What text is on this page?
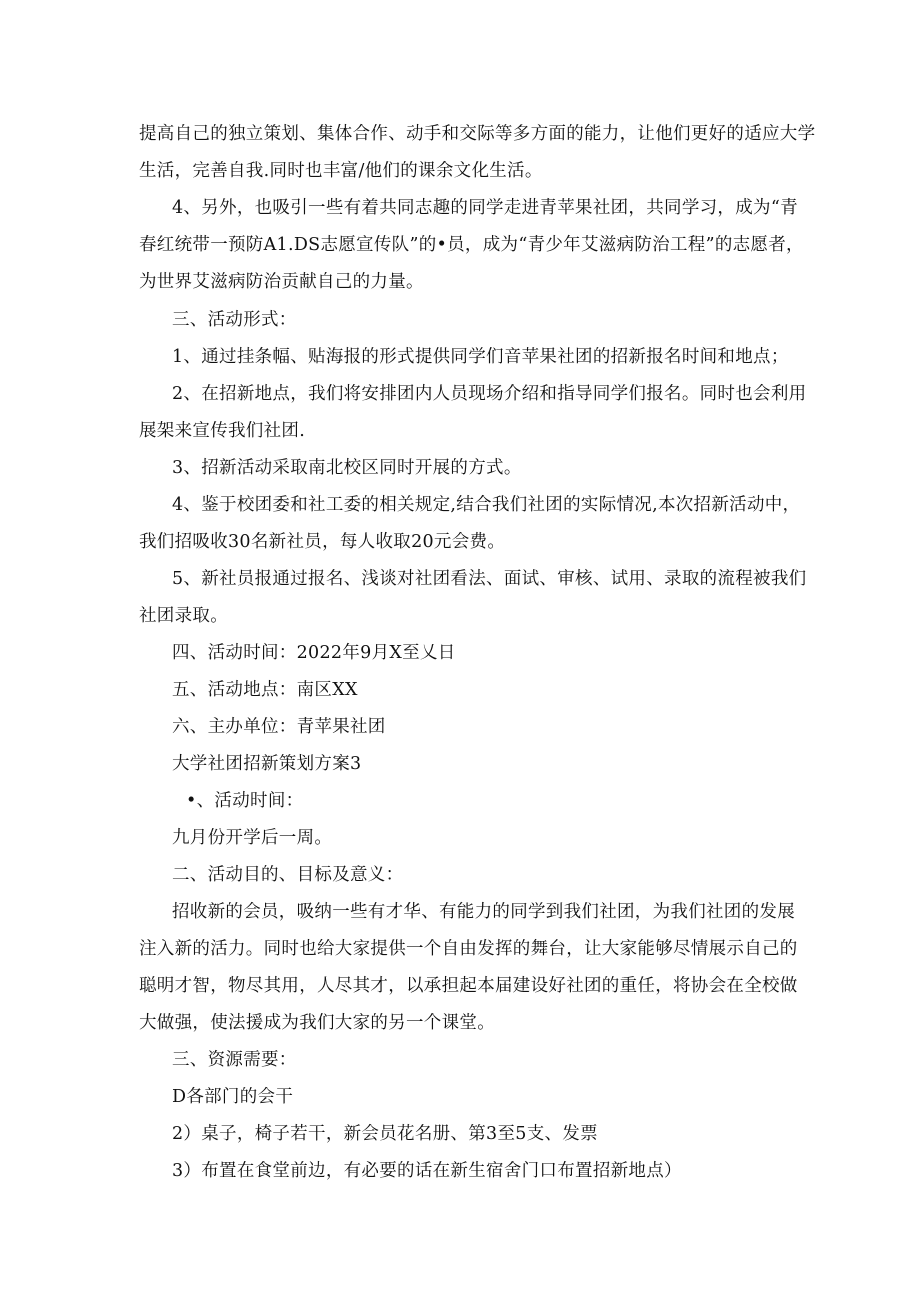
提高自己的独立策划、集体合作、动手和交际等多方面的能力，让他们更好的适应大学
生活，完善自我.同时也丰富/他们的课余文化生活。
4、另外，也吸引一些有着共同志趣的同学走进青苹果社团，共同学习，成为“青
春红统带一预防A1.DS志愿宣传队”的•员，成为“青少年艾滋病防治工程”的志愿者，
为世界艾滋病防治贡献自己的力量。
三、活动形式：
1、通过挂条幅、贴海报的形式提供同学们音苹果社团的招新报名时间和地点；
2、在招新地点，我们将安排团内人员现场介绍和指导同学们报名。同时也会利用
展架来宣传我们社团.
3、招新活动采取南北校区同时开展的方式。
4、鉴于校团委和社工委的相关规定,结合我们社团的实际情况,本次招新活动中，
我们招吸收30名新社员，每人收取20元会费。
5、新社员报通过报名、浅谈对社团看法、面试、审核、试用、录取的流程被我们
社团录取。
四、活动时间：2022年9月X至乂日
五、活动地点：南区XX
六、主办单位：青苹果社团
大学社团招新策划方案3
•、活动时间：
九月份开学后一周。
二、活动目的、目标及意义：
招收新的会员，吸纳一些有才华、有能力的同学到我们社团，为我们社团的发展
注入新的活力。同时也给大家提供一个自由发挥的舞台，让大家能够尽情展示自己的
聪明才智，物尽其用，人尽其才，以承担起本届建设好社团的重任，将协会在全校做
大做强，使法援成为我们大家的另一个课堂。
三、资源需要：
D各部门的会干
2）桌子，椅子若干，新会员花名册、第3至5支、发票
3）布置在食堂前边，有必要的话在新生宿舍门口布置招新地点）
